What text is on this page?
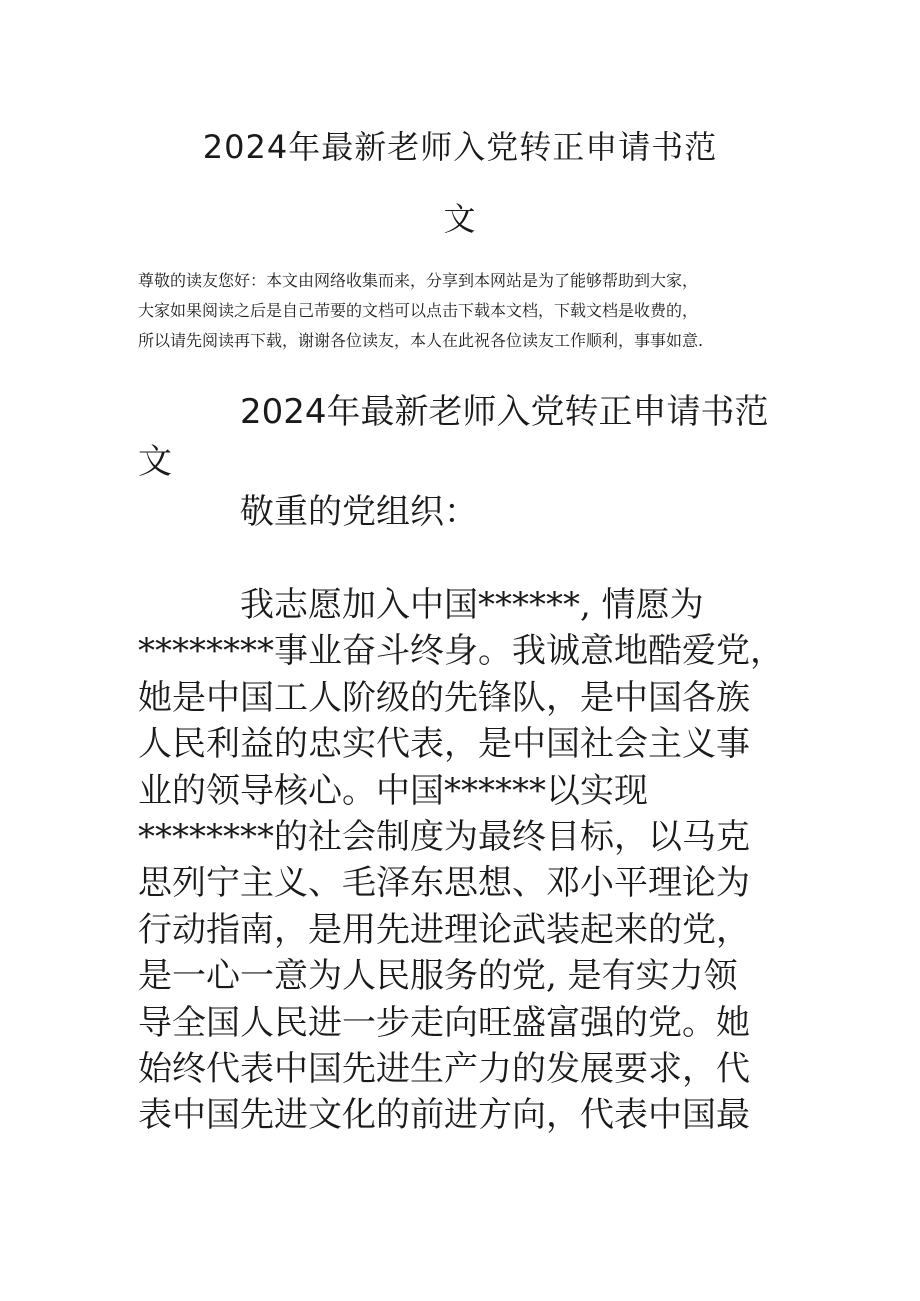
2024年最新老师入党转正申请书范
文
尊敬的读友您好：本文由网络收集而来，分享到本网站是为了能够帮助到大家，
大家如果阅读之后是自己芾要的文档可以点击下载本文档，下载文档是收费的，
所以请先阅读再下载，谢谢各位读友，本人在此祝各位读友工作顺利，事事如意.
2024年最新老师入党转正申请书范
文
敬重的党组织：
我志愿加入中国******, 情愿为
********事业奋斗终身。我诚意地酷爱党，
她是中国工人阶级的先锋队，是中国各族
人民利益的忠实代表，是中国社会主义事
业的领导核心。中国******以实现
********的社会制度为最终目标，以马克
思列宁主义、毛泽东思想、邓小平理论为
行动指南，是用先进理论武装起来的党，
是一心一意为人民服务的党, 是有实力领
导全国人民进一步走向旺盛富强的党。她
始终代表中国先进生产力的发展要求，代
表中国先进文化的前进方向，代表中国最
